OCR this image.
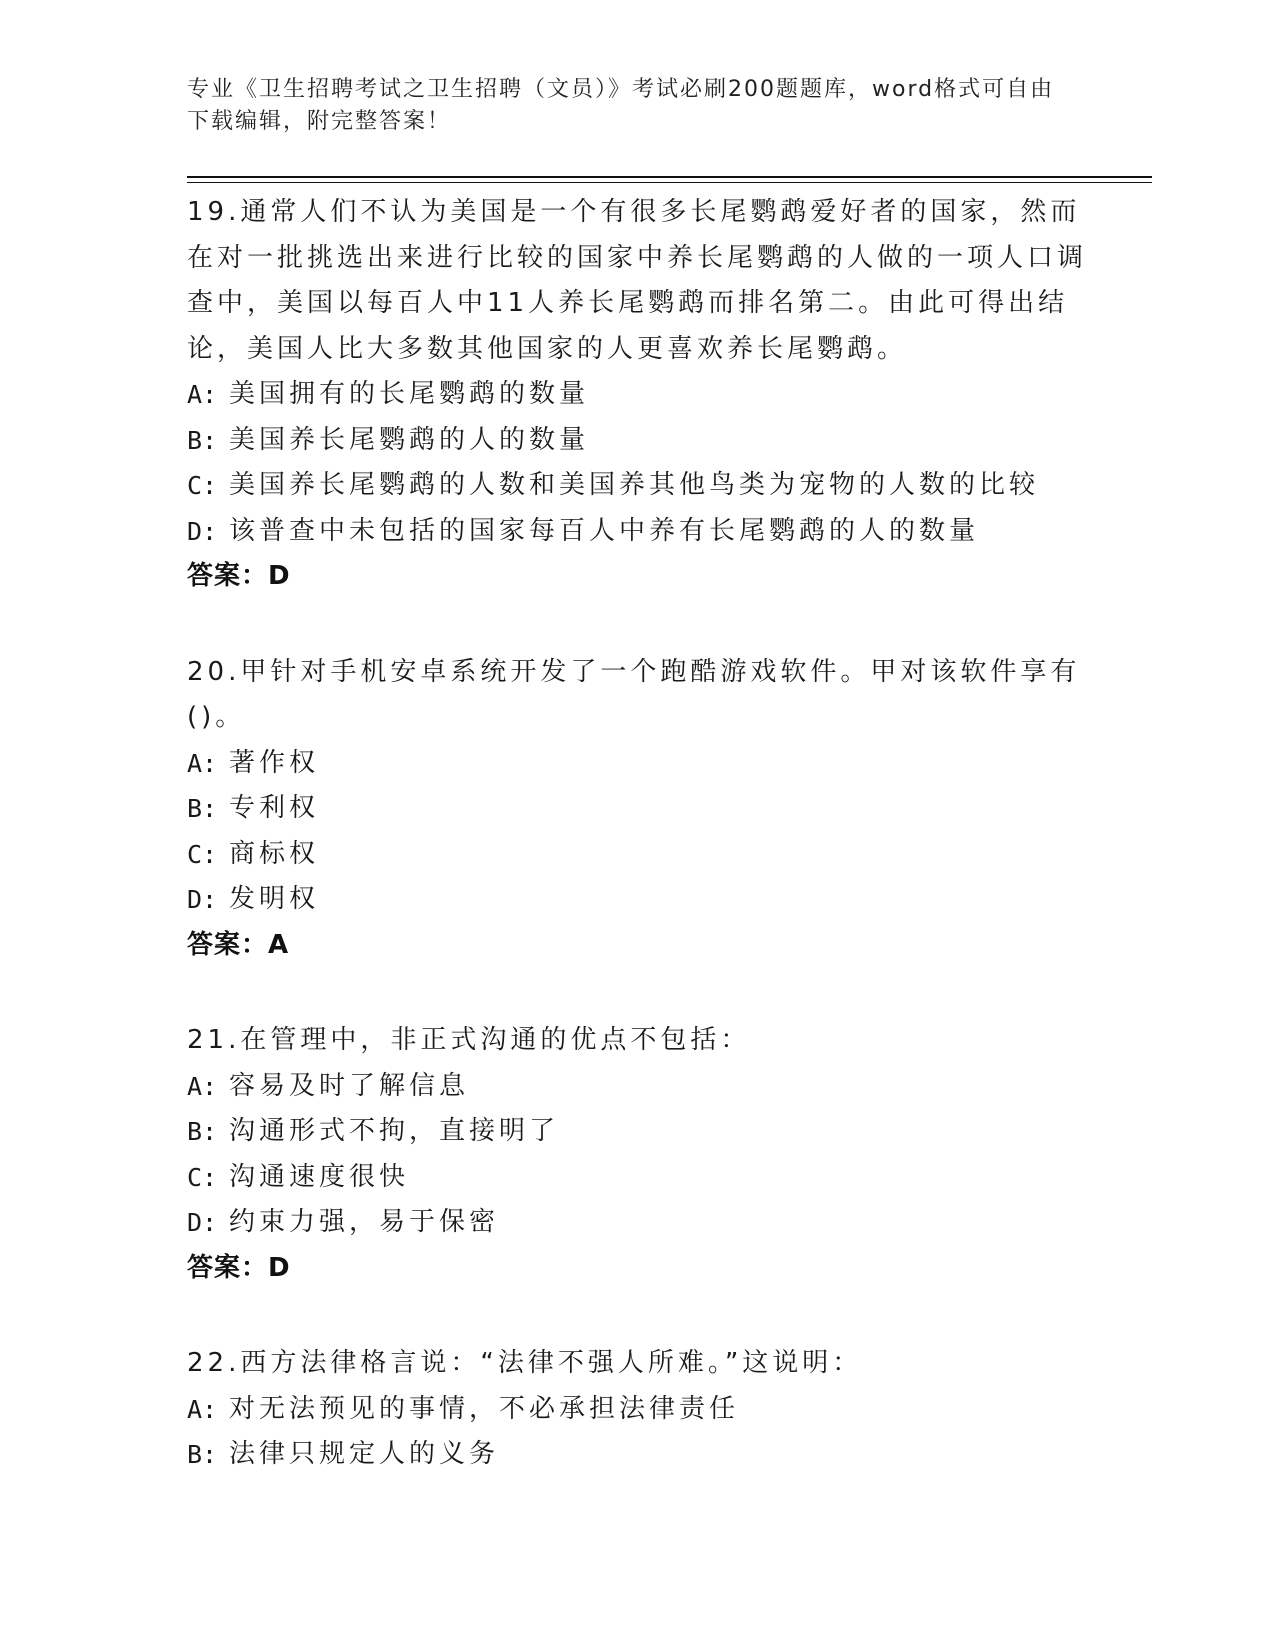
专业《卫生招聘考试之卫生招聘（文员）》考试必刷200题题库，word格式可自由下载编辑，附完整答案！
19.通常人们不认为美国是一个有很多长尾鹦鹉爱好者的国家，然而在对一批挑选出来进行比较的国家中养长尾鹦鹉的人做的一项人口调查中，美国以每百人中11人养长尾鹦鹉而排名第二。由此可得出结论，美国人比大多数其他国家的人更喜欢养长尾鹦鹉。
A: 美国拥有的长尾鹦鹉的数量
B: 美国养长尾鹦鹉的人的数量
C: 美国养长尾鹦鹉的人数和美国养其他鸟类为宠物的人数的比较
D: 该普查中未包括的国家每百人中养有长尾鹦鹉的人的数量
答案：D
20.甲针对手机安卓系统开发了一个跑酷游戏软件。甲对该软件享有()。
A: 著作权
B: 专利权
C: 商标权
D: 发明权
答案：A
21.在管理中，非正式沟通的优点不包括：
A: 容易及时了解信息
B: 沟通形式不拘，直接明了
C: 沟通速度很快
D: 约束力强，易于保密
答案：D
22.西方法律格言说：“法律不强人所难。”这说明：
A: 对无法预见的事情，不必承担法律责任
B: 法律只规定人的义务
